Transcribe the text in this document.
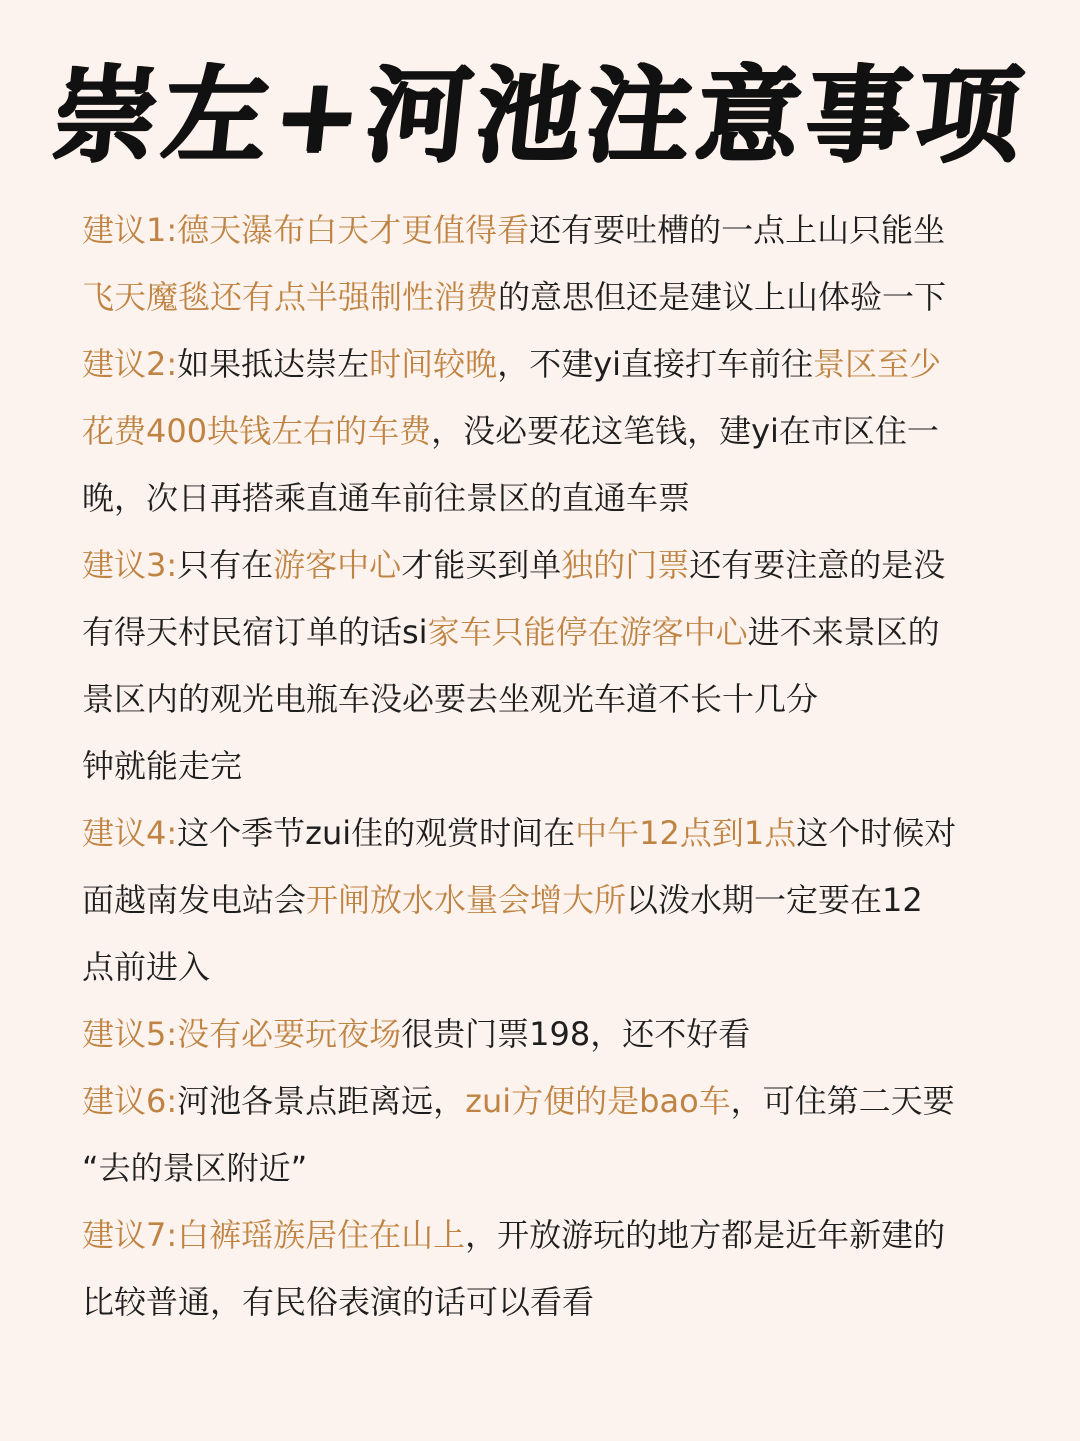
崇左+河池注意事项
建议1:德天瀑布白天才更值得看还有要吐槽的一点上山只能坐
飞天魔毯还有点半强制性消费的意思但还是建议上山体验一下
建议2:如果抵达崇左时间较晚，不建yi直接打车前往景区至少
花费400块钱左右的车费，没必要花这笔钱，建yi在市区住一
晚，次日再搭乘直通车前往景区的直通车票
建议3:只有在游客中心才能买到单独的门票还有要注意的是没
有得天村民宿订单的话si家车只能停在游客中心进不来景区的
景区内的观光电瓶车没必要去坐观光车道不长十几分
钟就能走完
建议4:这个季节zui佳的观赏时间在中午12点到1点这个时候对
面越南发电站会开闸放水水量会增大所以泼水期一定要在12
点前进入
建议5:没有必要玩夜场很贵门票198，还不好看
建议6:河池各景点距离远，zui方便的是bao车，可住第二天要
“去的景区附近”
建议7:白裤瑶族居住在山上，开放游玩的地方都是近年新建的
比较普通，有民俗表演的话可以看看
